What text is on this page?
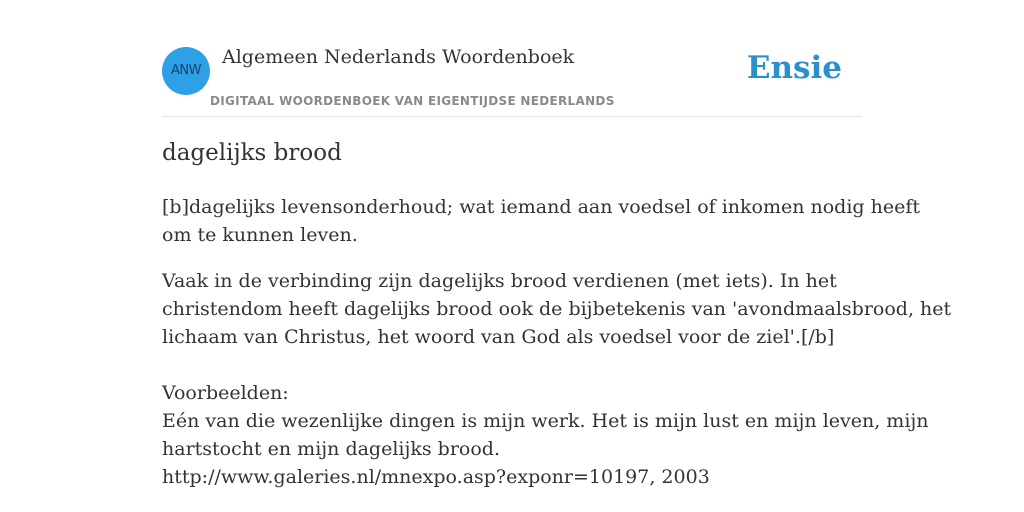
ANW
Algemeen Nederlands Woordenboek
DIGITAAL WOORDENBOEK VAN EIGENTIJDSE NEDERLANDS
Ensie
dagelijks brood

[b]dagelijks levensonderhoud; wat iemand aan voedsel of inkomen nodig heeft
om te kunnen leven.

Vaak in de verbinding zijn dagelijks brood verdienen (met iets). In het
christendom heeft dagelijks brood ook de bijbetekenis van 'avondmaalsbrood, het
lichaam van Christus, het woord van God als voedsel voor de ziel'.[/b]
Voorbeelden:
Eén van die wezenlijke dingen is mijn werk. Het is mijn lust en mijn leven, mijn
hartstocht en mijn dagelijks brood.
http://www.galeries.nl/mnexpo.asp?exponr=10197, 2003
